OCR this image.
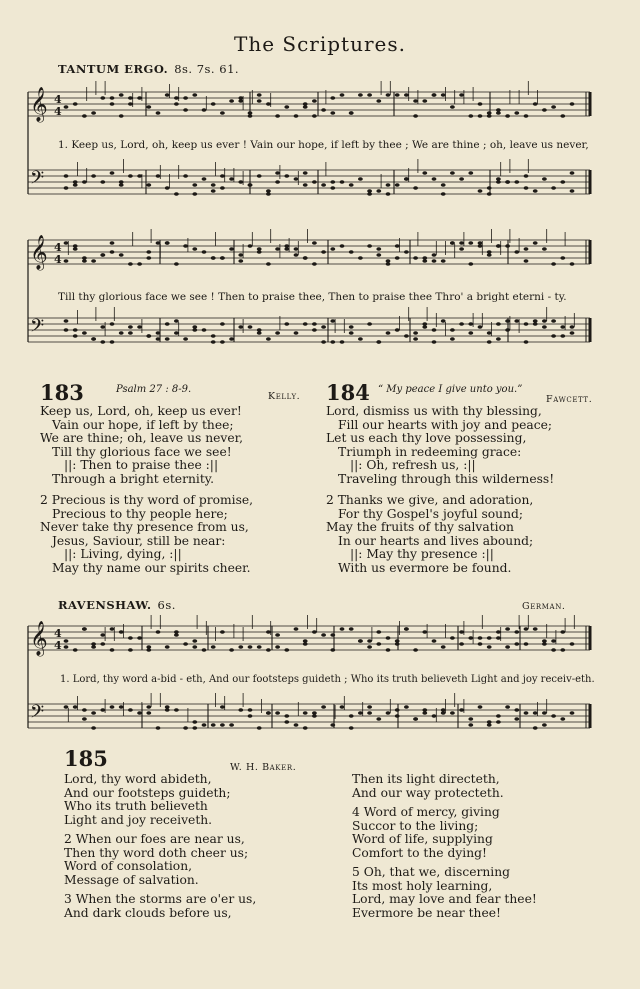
The Scriptures.
TANTUM ERGO. 8s. 7s. 61.
𝄞
𝄢
4
4
𝄞
𝄢
4
4
𝄞
𝄢
4
4
1. Keep us, Lord, oh, keep us ever ! Vain our hope, if left by thee ; We are thine ; oh, leave us never,
Till thy glorious face we see ! Then to praise thee, Then to praise thee Thro' a bright eterni - ty.
183	Psalm 27 : 8-9.
Kelly.
Keep us, Lord, oh, keep us ever!
Vain our hope, if left by thee;
We are thine; oh, leave us never,
Till thy glorious face we see!
||: Then to praise thee :||
Through a bright eternity.
2 Precious is thy word of promise,
Precious to thy people here;
Never take thy presence from us,
Jesus, Saviour, still be near:
||: Living, dying, :||
May thy name our spirits cheer.
184 “ My peace I give unto you.”
Fawcett.
Lord, dismiss us with thy blessing,
Fill our hearts with joy and peace;
Let us each thy love possessing,
Triumph in redeeming grace:
||: Oh, refresh us, :||
Traveling through this wilderness!
2 Thanks we give, and adoration,
For thy Gospel's joyful sound;
May the fruits of thy salvation
In our hearts and lives abound;
||: May thy presence :||
With us evermore be found.
RAVENSHAW. 6s.	German.
1. Lord, thy word a-bid - eth, And our footsteps guideth ; Who its truth believeth Light and joy receiv-eth.
185	W. H. Baker.
Lord, thy word abideth,
And our footsteps guideth;
Who its truth believeth
Light and joy receiveth.
2 When our foes are near us,
Then thy word doth cheer us;
Word of consolation,
Message of salvation.
3 When the storms are o'er us,
And dark clouds before us,
Then its light directeth,
And our way protecteth.
4 Word of mercy, giving
Succor to the living;
Word of life, supplying
Comfort to the dying!
5 Oh, that we, discerning
Its most holy learning,
Lord, may love and fear thee!
Evermore be near thee!
